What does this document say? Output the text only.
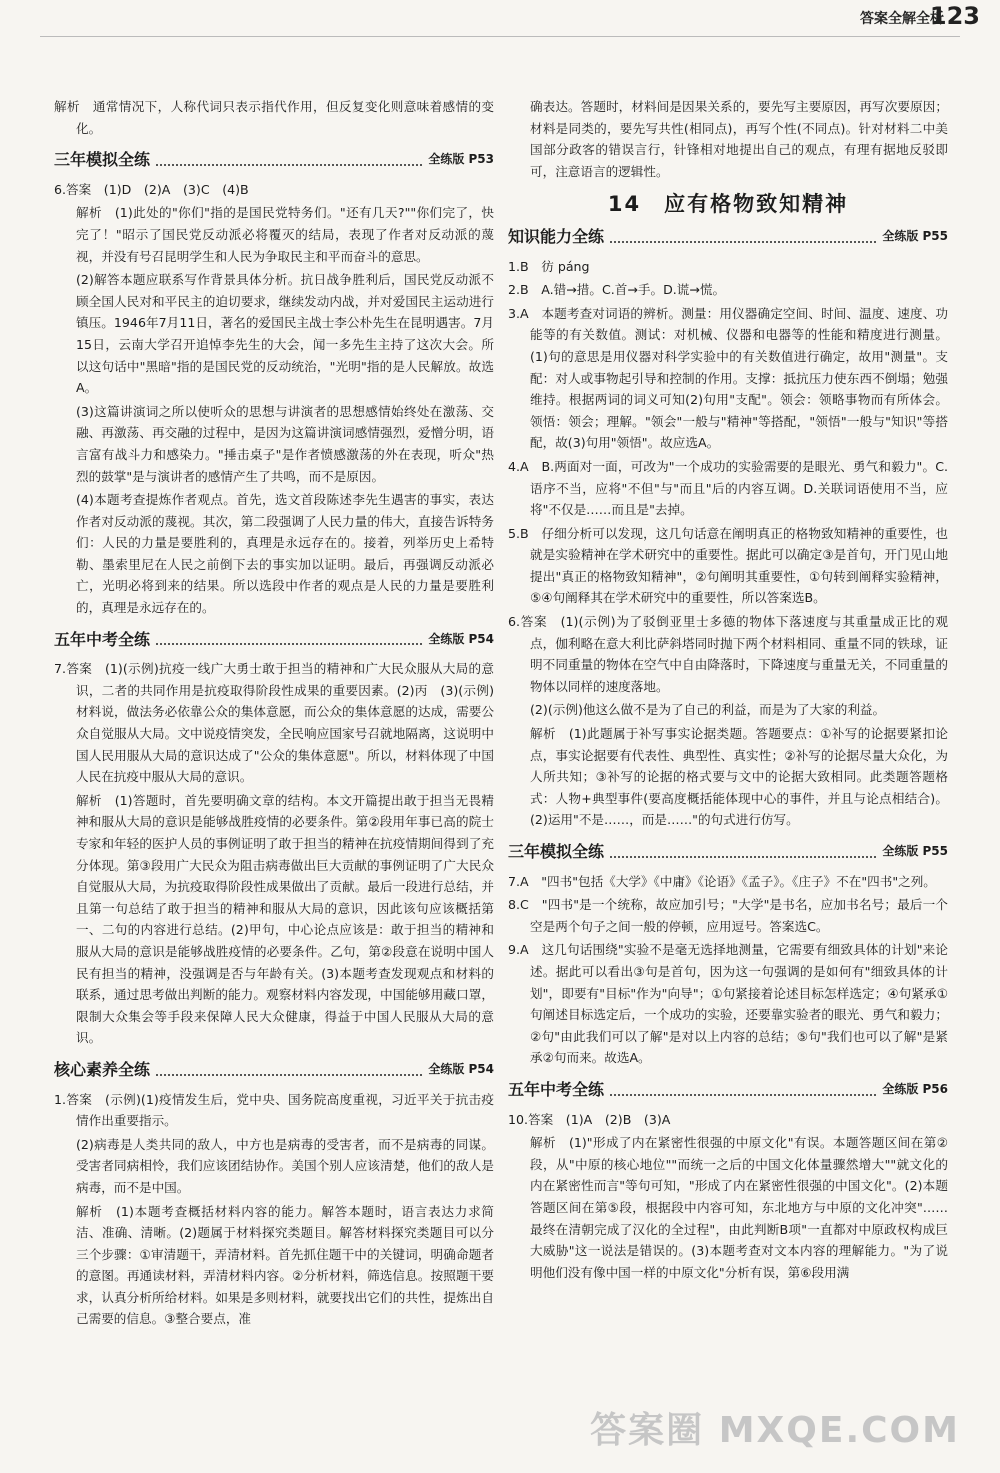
答案全解全析
123

解析　通常情况下，人称代词只表示指代作用，但反复变化则意味着感情的变化。

三年模拟全练	全练版 P53

6.答案　(1)D　(2)A　(3)C　(4)B

解析　(1)此处的"你们"指的是国民党特务们。"还有几天?""你们完了，快完了！"昭示了国民党反动派必将覆灭的结局，表现了作者对反动派的蔑视，并没有号召昆明学生和人民为争取民主和平而奋斗的意思。

(2)解答本题应联系写作背景具体分析。抗日战争胜利后，国民党反动派不顾全国人民对和平民主的迫切要求，继续发动内战，并对爱国民主运动进行镇压。1946年7月11日，著名的爱国民主战士李公朴先生在昆明遇害。7月15日，云南大学召开追悼李先生的大会，闻一多先生主持了这次大会。所以这句话中"黑暗"指的是国民党的反动统治，"光明"指的是人民解放。故选A。

(3)这篇讲演词之所以使听众的思想与讲演者的思想感情始终处在激荡、交融、再激荡、再交融的过程中，是因为这篇讲演词感情强烈，爱憎分明，语言富有战斗力和感染力。"捶击桌子"是作者愤感激荡的外在表现，听众"热烈的鼓掌"是与演讲者的感情产生了共鸣，而不是原因。

(4)本题考查提炼作者观点。首先，选文首段陈述李先生遇害的事实，表达作者对反动派的蔑视。其次，第二段强调了人民力量的伟大，直接告诉特务们：人民的力量是要胜利的，真理是永远存在的。接着，列举历史上希特勒、墨索里尼在人民之前倒下去的事实加以证明。最后，再强调反动派必亡，光明必将到来的结果。所以选段中作者的观点是人民的力量是要胜利的，真理是永远存在的。

五年中考全练	全练版 P54

7.答案　(1)(示例)抗疫一线广大勇士敢于担当的精神和广大民众服从大局的意识，二者的共同作用是抗疫取得阶段性成果的重要因素。(2)丙　(3)(示例)材料说，做法务必依靠公众的集体意愿，而公众的集体意愿的达成，需要公众自觉服从大局。文中说疫情突发，全民响应国家号召就地隔离，这说明中国人民用服从大局的意识达成了"公众的集体意愿"。所以，材料体现了中国人民在抗疫中服从大局的意识。

解析　(1)答题时，首先要明确文章的结构。本文开篇提出敢于担当无畏精神和服从大局的意识是能够战胜疫情的必要条件。第②段用年事已高的院士专家和年轻的医护人员的事例证明了敢于担当的精神在抗疫情期间得到了充分体现。第③段用广大民众为阻击病毒做出巨大贡献的事例证明了广大民众自觉服从大局，为抗疫取得阶段性成果做出了贡献。最后一段进行总结，并且第一句总结了敢于担当的精神和服从大局的意识，因此该句应该概括第一、二句的内容进行总结。(2)甲句，中心论点应该是：敢于担当的精神和服从大局的意识是能够战胜疫情的必要条件。乙句，第②段意在说明中国人民有担当的精神，没强调是否与年龄有关。(3)本题考查发现观点和材料的联系，通过思考做出判断的能力。观察材料内容发现，中国能够用藏口罩，限制大众集会等手段来保障人民大众健康，得益于中国人民服从大局的意识。

核心素养全练	全练版 P54

1.答案　(示例)(1)疫情发生后，党中央、国务院高度重视，习近平关于抗击疫情作出重要指示。

(2)病毒是人类共同的敌人，中方也是病毒的受害者，而不是病毒的同谋。受害者同病相怜，我们应该团结协作。美国个别人应该清楚，他们的敌人是病毒，而不是中国。

解析　(1)本题考查概括材料内容的能力。解答本题时，语言表达力求简洁、准确、清晰。(2)题属于材料探究类题目。解答材料探究类题目可以分三个步骤：①审清题干，弄清材料。首先抓住题干中的关键词，明确命题者的意图。再通读材料，弄清材料内容。②分析材料，筛选信息。按照题干要求，认真分析所给材料。如果是多则材料，就要找出它们的共性，提炼出自己需要的信息。③整合要点，准

确表达。答题时，材料间是因果关系的，要先写主要原因，再写次要原因；材料是同类的，要先写共性(相同点)，再写个性(不同点)。针对材料二中美国部分政客的错误言行，针锋相对地提出自己的观点，有理有据地反驳即可，注意语言的逻辑性。

14　应有格物致知精神
知识能力全练	全练版 P55

1.B　彷 páng

2.B　A.错→措。C.首→手。D.谎→慌。

3.A　本题考查对词语的辨析。测量：用仪器确定空间、时间、温度、速度、功能等的有关数值。测试：对机械、仪器和电器等的性能和精度进行测量。(1)句的意思是用仪器对科学实验中的有关数值进行确定，故用"测量"。支配：对人或事物起引导和控制的作用。支撑：抵抗压力使东西不倒塌；勉强维持。根据两词的词义可知(2)句用"支配"。领会：领略事物而有所体会。领悟：领会；理解。"领会"一般与"精神"等搭配，"领悟"一般与"知识"等搭配，故(3)句用"领悟"。故应选A。

4.A　B.两面对一面，可改为"一个成功的实验需要的是眼光、勇气和毅力"。C.语序不当，应将"不但"与"而且"后的内容互调。D.关联词语使用不当，应将"不仅是……而且是"去掉。

5.B　仔细分析可以发现，这几句话意在阐明真正的格物致知精神的重要性，也就是实验精神在学术研究中的重要性。据此可以确定③是首句，开门见山地提出"真正的格物致知精神"，②句阐明其重要性，①句转到阐释实验精神，⑤④句阐释其在学术研究中的重要性，所以答案选B。

6.答案　(1)(示例)为了驳倒亚里士多德的物体下落速度与其重量成正比的观点，伽利略在意大利比萨斜塔同时抛下两个材料相同、重量不同的铁球，证明不同重量的物体在空气中自由降落时，下降速度与重量无关，不同重量的物体以同样的速度落地。

(2)(示例)他这么做不是为了自己的利益，而是为了大家的利益。

解析　(1)此题属于补写事实论据类题。答题要点：①补写的论据要紧扣论点，事实论据要有代表性、典型性、真实性；②补写的论据尽量大众化，为人所共知；③补写的论据的格式要与文中的论据大致相同。此类题答题格式：人物+典型事件(要高度概括能体现中心的事件，并且与论点相结合)。(2)运用"不是……，而是……"的句式进行仿写。

三年模拟全练	全练版 P55

7.A　"四书"包括《大学》《中庸》《论语》《孟子》。《庄子》不在"四书"之列。

8.C　"四书"是一个统称，故应加引号；"大学"是书名，应加书名号；最后一个空是两个句子之间一般的停顿，应用逗号。答案选C。

9.A　这几句话围绕"实验不是毫无选择地测量，它需要有细致具体的计划"来论述。据此可以看出③句是首句，因为这一句强调的是如何有"细致具体的计划"，即要有"目标"作为"向导"；①句紧接着论述目标怎样选定；④句紧承①句阐述目标选定后，一个成功的实验，还要靠实验者的眼光、勇气和毅力；②句"由此我们可以了解"是对以上内容的总结；⑤句"我们也可以了解"是紧承②句而来。故选A。

五年中考全练	全练版 P56

10.答案　(1)A　(2)B　(3)A

解析　(1)"形成了内在紧密性很强的中原文化"有误。本题答题区间在第②段，从"中原的核心地位""而统一之后的中国文化体量骤然增大""就文化的内在紧密性而言"等句可知，"形成了内在紧密性很强的中国文化"。(2)本题答题区间在第⑤段，根据段中内容可知，东北地方与中原的文化冲突"……最终在清朝完成了汉化的全过程"，由此判断B项"一直都对中原政权构成巨大威胁"这一说法是错误的。(3)本题考查对文本内容的理解能力。"为了说明他们没有像中国一样的中原文化"分析有误，第⑥段用满

答案圈 MXQE.COM
